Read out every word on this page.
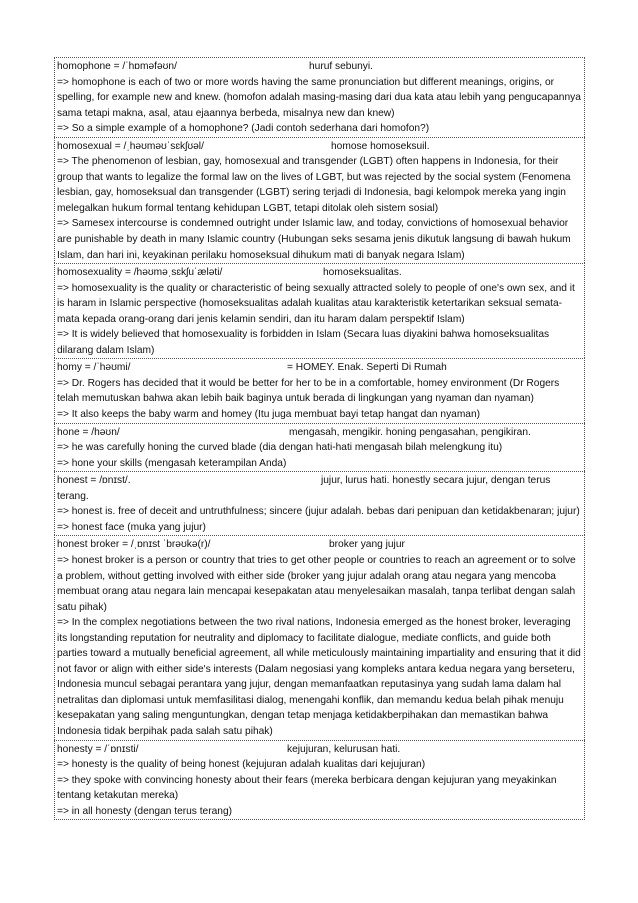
homophone = /ˈhɒməfəʊn/	huruf sebunyi.
=> homophone is each of two or more words having the same pronunciation but different meanings, origins, or spelling, for example new and knew. (homofon adalah masing-masing dari dua kata atau lebih yang pengucapannya sama tetapi makna, asal, atau ejaannya berbeda, misalnya new dan knew)
=> So a simple example of a homophone? (Jadi contoh sederhana dari homofon?)
homosexual = /ˌhəʊməʊˈsɛkʃʊəl/	homose homoseksuil.
=> The phenomenon of lesbian, gay, homosexual and transgender (LGBT) often happens in Indonesia, for their group that wants to legalize the formal law on the lives of LGBT, but was rejected by the social system (Fenomena lesbian, gay, homoseksual dan transgender (LGBT) sering terjadi di Indonesia, bagi kelompok mereka yang ingin melegalkan hukum formal tentang kehidupan LGBT, tetapi ditolak oleh sistem sosial)
=> Samesex intercourse is condemned outright under Islamic law, and today, convictions of homosexual behavior are punishable by death in many Islamic country (Hubungan seks sesama jenis dikutuk langsung di bawah hukum Islam, dan hari ini, keyakinan perilaku homoseksual dihukum mati di banyak negara Islam)
homosexuality = /həʊməˌsɛkʃuˈæləti/	homoseksualitas.
=> homosexuality is the quality or characteristic of being sexually attracted solely to people of one's own sex, and it is haram in Islamic perspective (homoseksualitas adalah kualitas atau karakteristik ketertarikan seksual semata-mata kepada orang-orang dari jenis kelamin sendiri, dan itu haram dalam perspektif Islam)
=> It is widely believed that homosexuality is forbidden in Islam (Secara luas diyakini bahwa homoseksualitas dilarang dalam Islam)
homy = /ˈhəʊmi/	= HOMEY. Enak. Seperti Di Rumah
=> Dr. Rogers has decided that it would be better for her to be in a comfortable, homey environment (Dr Rogers telah memutuskan bahwa akan lebih baik baginya untuk berada di lingkungan yang nyaman dan nyaman)
=> It also keeps the baby warm and homey (Itu juga membuat bayi tetap hangat dan nyaman)
hone = /həʊn/	mengasah, mengikir. honing pengasahan, pengikiran.
=> he was carefully honing the curved blade (dia dengan hati-hati mengasah bilah melengkung itu)
=> hone your skills (mengasah keterampilan Anda)
honest = /ɒnɪst/.	jujur, lurus hati. honestly secara jujur, dengan terus terang.
=> honest is. free of deceit and untruthfulness; sincere (jujur adalah. bebas dari penipuan dan ketidakbenaran; jujur)
=> honest face (muka yang jujur)
honest broker = /ˌɒnɪst ˈbrəʊkə(r)/	broker yang jujur
=> honest broker is a person or country that tries to get other people or countries to reach an agreement or to solve a problem, without getting involved with either side (broker yang jujur adalah orang atau negara yang mencoba membuat orang atau negara lain mencapai kesepakatan atau menyelesaikan masalah, tanpa terlibat dengan salah satu pihak)
=> In the complex negotiations between the two rival nations, Indonesia emerged as the honest broker, leveraging its longstanding reputation for neutrality and diplomacy to facilitate dialogue, mediate conflicts, and guide both parties toward a mutually beneficial agreement, all while meticulously maintaining impartiality and ensuring that it did not favor or align with either side's interests (Dalam negosiasi yang kompleks antara kedua negara yang berseteru, Indonesia muncul sebagai perantara yang jujur, dengan memanfaatkan reputasinya yang sudah lama dalam hal netralitas dan diplomasi untuk memfasilitasi dialog, menengahi konflik, dan memandu kedua belah pihak menuju kesepakatan yang saling menguntungkan, dengan tetap menjaga ketidakberpihakan dan memastikan bahwa Indonesia tidak berpihak pada salah satu pihak)
honesty = /ˈɒnɪsti/	kejujuran, kelurusan hati.
=> honesty is the quality of being honest (kejujuran adalah kualitas dari kejujuran)
=> they spoke with convincing honesty about their fears (mereka berbicara dengan kejujuran yang meyakinkan tentang ketakutan mereka)
=> in all honesty (dengan terus terang)
